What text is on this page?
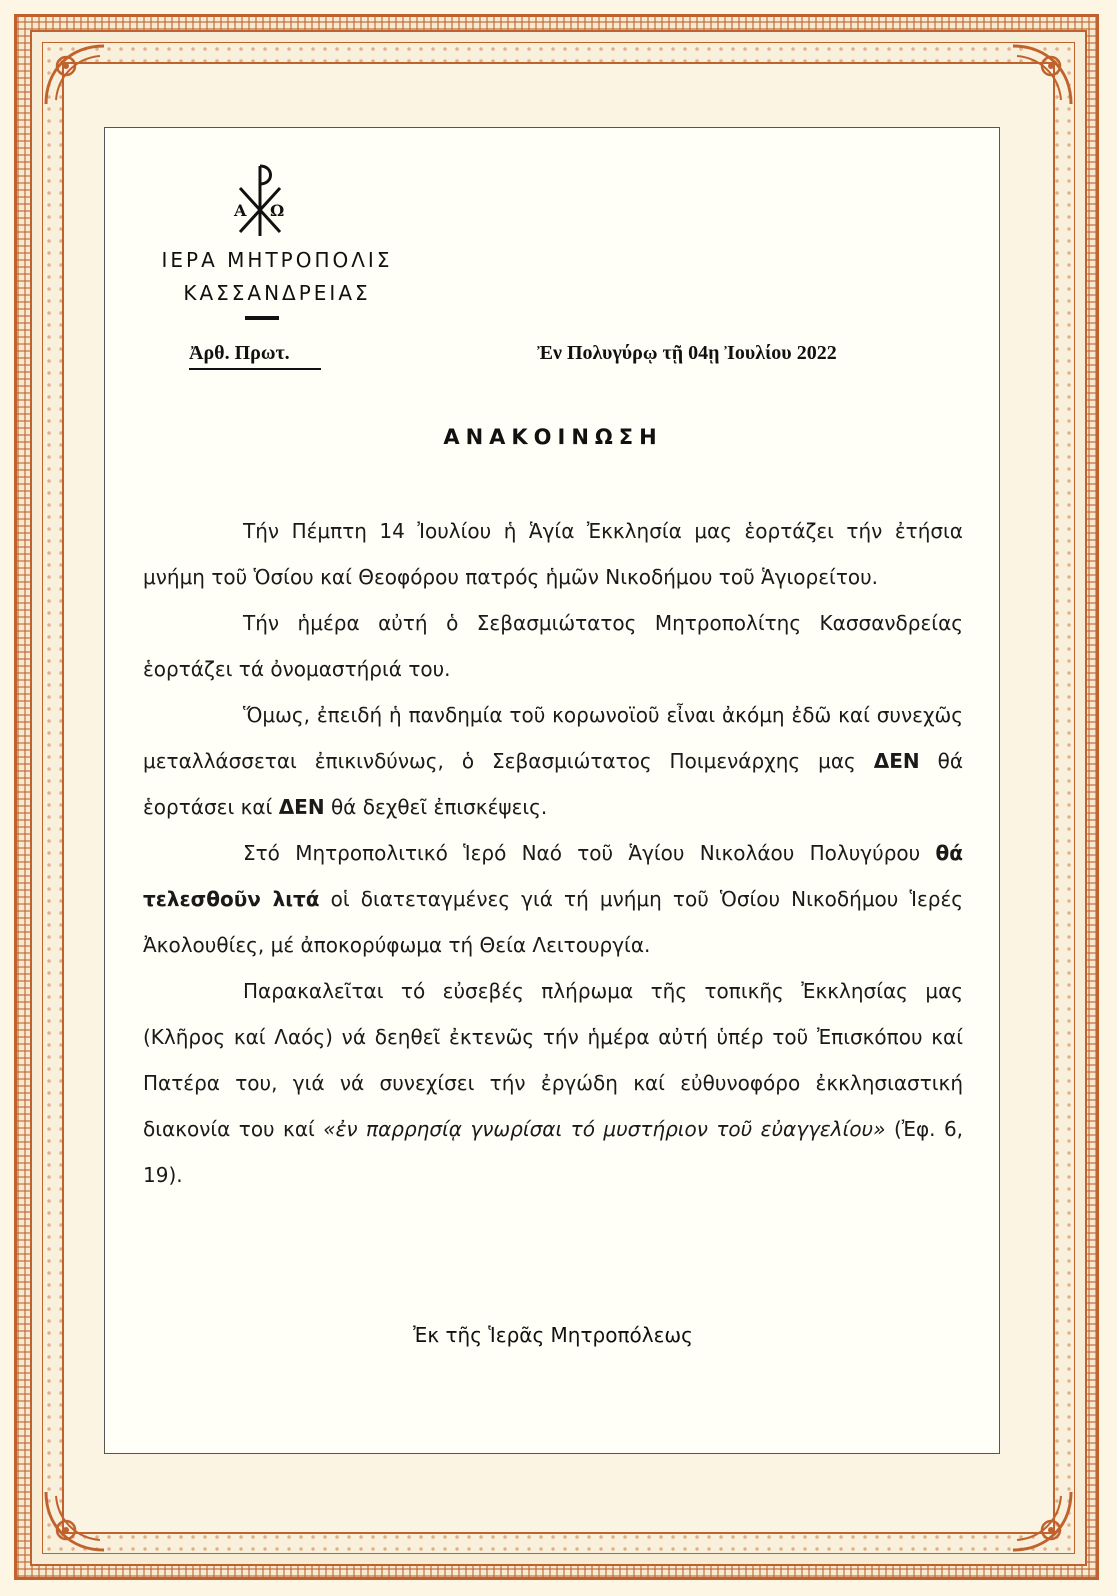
Α Ω
ΙΕΡΑ ΜΗΤΡΟΠΟΛΙΣ
ΚΑΣΣΑΝΔΡΕΙΑΣ
Ἀρθ. Πρωτ.	Ἐν Πολυγύρῳ τῇ 04ῃ Ἰουλίου 2022
ΑΝΑΚΟΙΝΩΣΗ

Τήν Πέμπτη 14 Ἰουλίου ἡ Ἁγία Ἐκκλησία μας ἑορτάζει τήν ἐτήσια μνήμη τοῦ Ὁσίου καί Θεοφόρου πατρός ἡμῶν Νικοδήμου τοῦ Ἁγιορείτου.

Τήν ἡμέρα αὐτή ὁ Σεβασμιώτατος Μητροπολίτης Κασσανδρείας ἑορτάζει τά ὀνομαστήριά του.

Ὅμως, ἐπειδή ἡ πανδημία τοῦ κορωνοϊοῦ εἶναι ἀκόμη ἐδῶ καί συνεχῶς μεταλλάσσεται ἐπικινδύνως, ὁ Σεβασμιώτατος Ποιμενάρχης μας ΔΕΝ θά ἑορτάσει καί ΔΕΝ θά δεχθεῖ ἐπισκέψεις.

Στό Μητροπολιτικό Ἱερό Ναό τοῦ Ἁγίου Νικολάου Πολυγύρου θά τελεσθοῦν λιτά οἱ διατεταγμένες γιά τή μνήμη τοῦ Ὁσίου Νικοδήμου Ἱερές Ἀκολουθίες, μέ ἀποκορύφωμα τή Θεία Λειτουργία.

Παρακαλεῖται τό εὐσεβές πλήρωμα τῆς τοπικῆς Ἐκκλησίας μας (Κλῆρος καί Λαός) νά δεηθεῖ ἐκτενῶς τήν ἡμέρα αὐτή ὑπέρ τοῦ Ἐπισκόπου καί Πατέρα του, γιά νά συνεχίσει τήν ἐργώδη καί εὐθυνοφόρο ἐκκλησιαστική διακονία του καί «ἐν παρρησίᾳ γνωρίσαι τό μυστήριον τοῦ εὐαγγελίου» (Ἐφ. 6, 19).

Ἐκ τῆς Ἱερᾶς Μητροπόλεως
